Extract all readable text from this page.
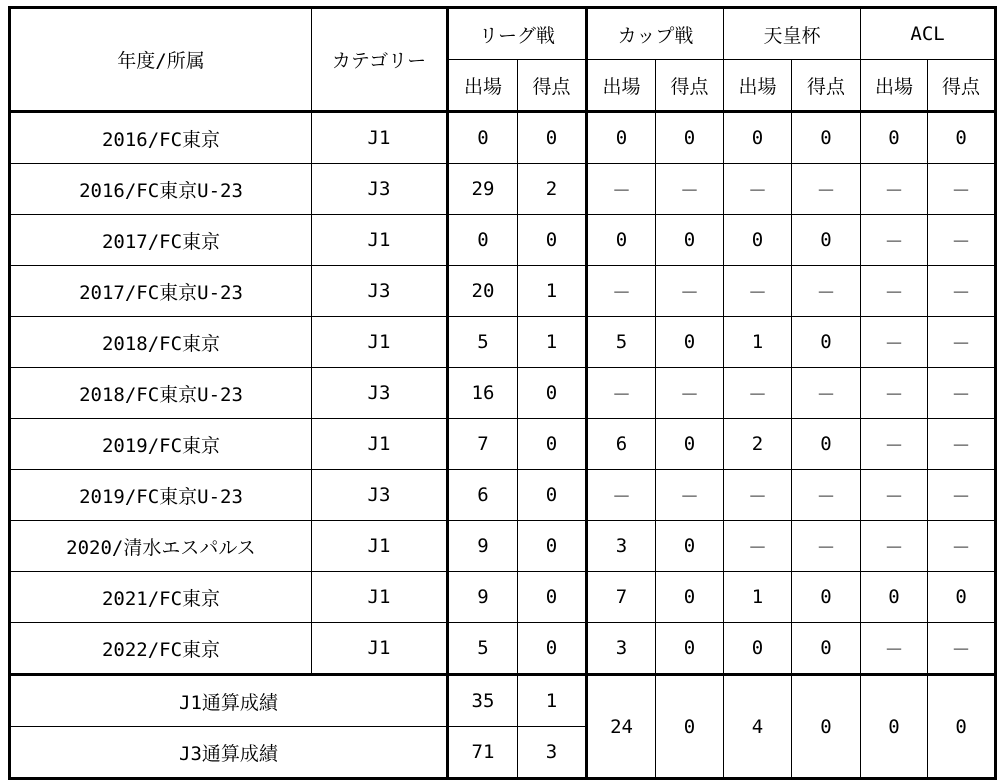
年度/所属	カテゴリー	リーグ戦		カップ戦		天皇杯		ACL	
		出場	得点	出場	得点	出場	得点	出場	得点
2016/FC東京	J1	0	0	0	0	0	0	0	0
2016/FC東京U-23	J3	29	2	－	－	－	－	－	－
2017/FC東京	J1	0	0	0	0	0	0	－	－
2017/FC東京U-23	J3	20	1	－	－	－	－	－	－
2018/FC東京	J1	5	1	5	0	1	0	－	－
2018/FC東京U-23	J3	16	0	－	－	－	－	－	－
2019/FC東京	J1	7	0	6	0	2	0	－	－
2019/FC東京U-23	J3	6	0	－	－	－	－	－	－
2020/清水エスパルス	J1	9	0	3	0	－	－	－	－
2021/FC東京	J1	9	0	7	0	1	0	0	0
2022/FC東京	J1	5	0	3	0	0	0	－	－
J1通算成績		35	1	24	0	4	0	0	0
J3通算成績		71	3						
